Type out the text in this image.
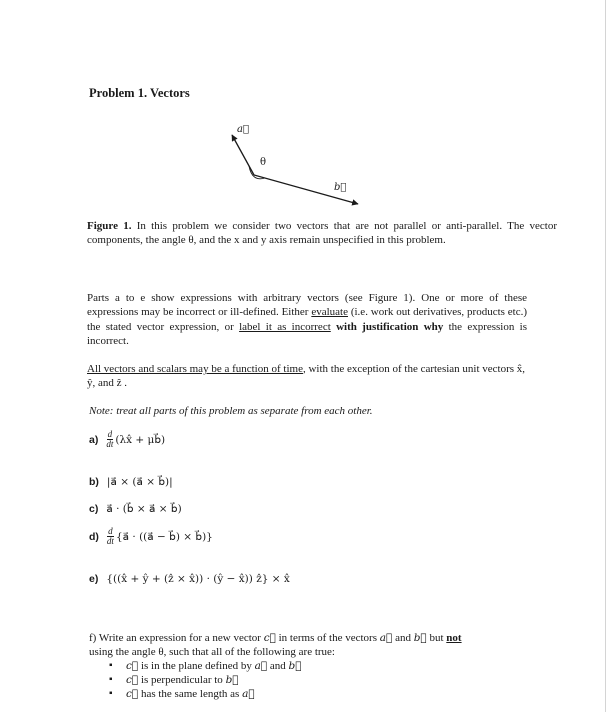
Problem 1. Vectors
a⃗
θ
b⃗
Figure 1. In this problem we consider two vectors that are not parallel or anti-parallel. The vector components, the angle θ, and the x and y axis remain unspecified in this problem.
Parts a to e show expressions with arbitrary vectors (see Figure 1). One or more of these expressions may be incorrect or ill-defined. Either evaluate (i.e. work out derivatives, products etc.) the stated vector expression, or label it as incorrect with justification why the expression is incorrect.
All vectors and scalars may be a function of time, with the exception of the cartesian unit vectors x̂, ŷ, and ẑ .
Note: treat all parts of this problem as separate from each other.
$a) \frac{d}{dt}$ (λx̂ + μb⃗)
b) |a⃗ × (a⃗ × b⃗)|
c) a⃗ · (b⃗ × a⃗ × b⃗)
$d) \frac{d}{dt}$ {a⃗ · ((a⃗ − b⃗) × b⃗)}
e) {((x̂ + ŷ + (ẑ × x̂)) · (ŷ − x̂)) ẑ} × x̂
f) Write an expression for a new vector c⃗ in terms of the vectors a⃗ and b⃗ but not
using the angle θ, such that all of the following are true:
▪ c⃗ is in the plane defined by a⃗ and b⃗
▪ c⃗ is perpendicular to b⃗
▪ c⃗ has the same length as a⃗
